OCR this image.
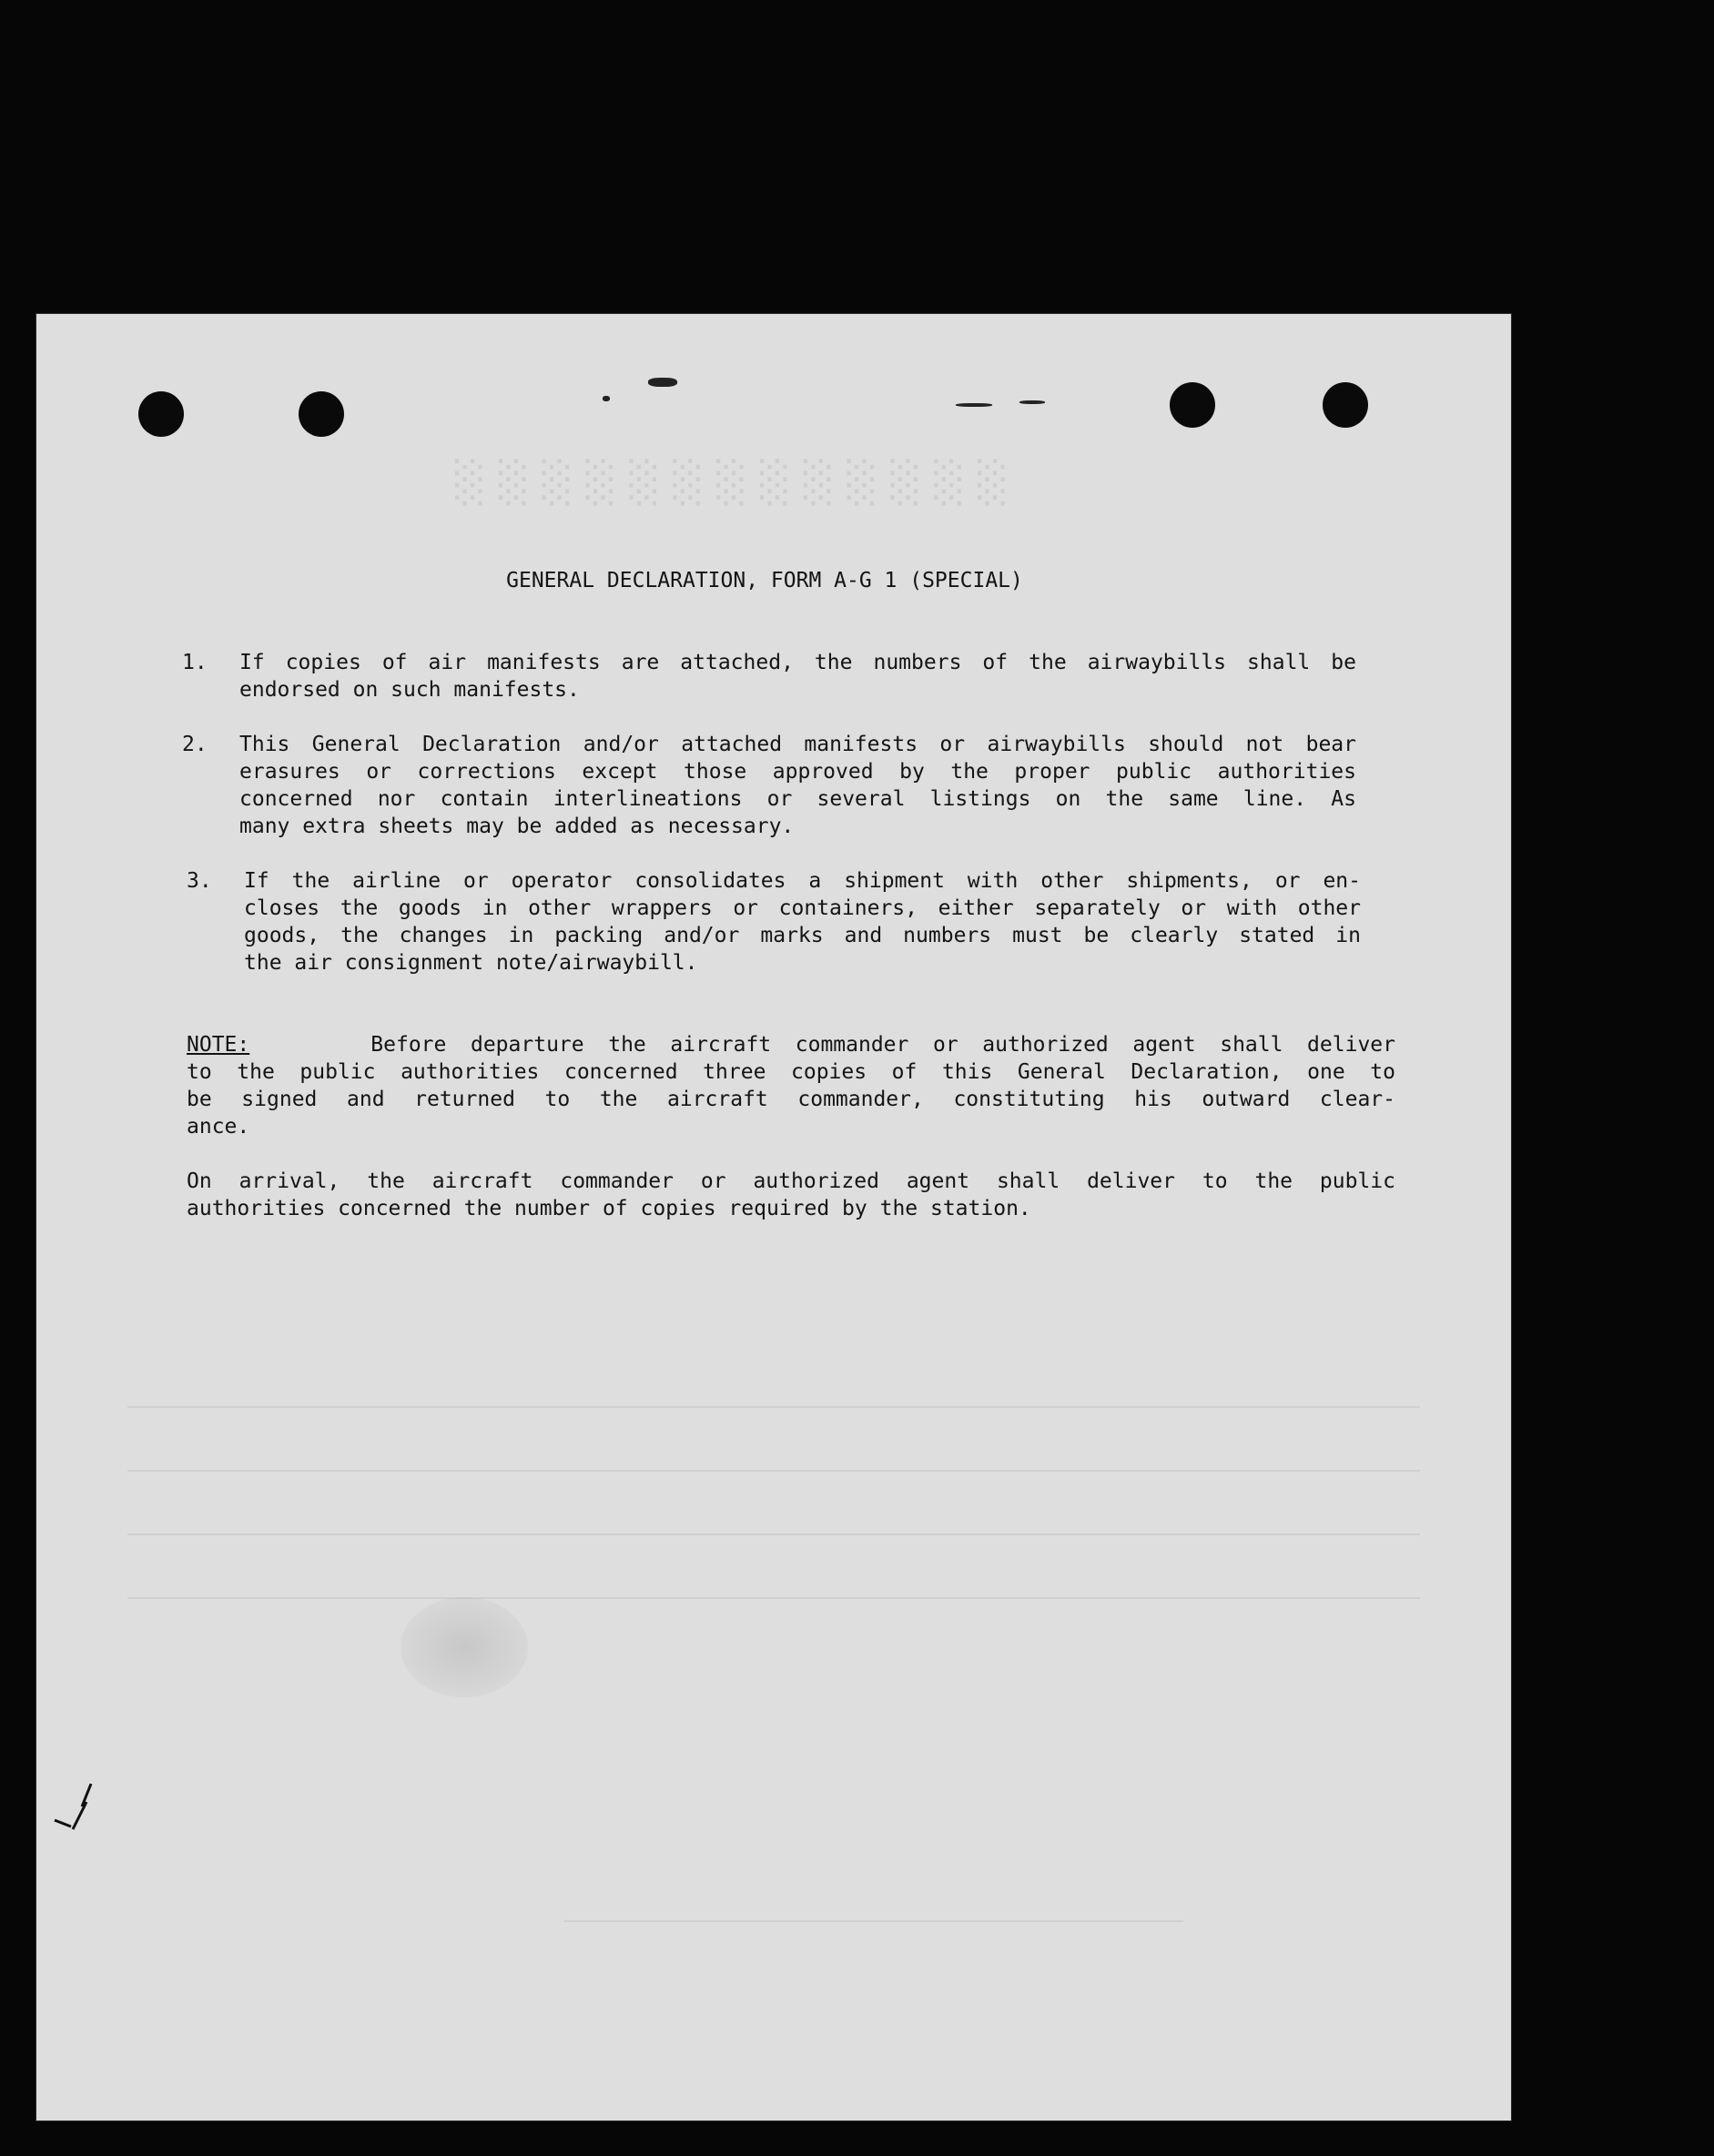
░░░░░░░░░░░░░
GENERAL DECLARATION, FORM A-G 1 (SPECIAL)
1. If copies of air manifests are attached, the numbers of the airwaybills shall be
endorsed on such manifests.
2. This General Declaration and/or attached manifests or airwaybills should not bear
erasures or corrections except those approved by the proper public authorities
concerned nor contain interlineations or several listings on the same line. As
many extra sheets may be added as necessary.
3. If the airline or operator consolidates a shipment with other shipments, or en-
closes the goods in other wrappers or containers, either separately or with other
goods, the changes in packing and/or marks and numbers must be clearly stated in
the air consignment note/airwaybill.
NOTE:	Before departure the aircraft commander or authorized agent shall deliver
to the public authorities concerned three copies of this General Declaration, one to
be signed and returned to the aircraft commander, constituting his outward clear-
ance.
On arrival, the aircraft commander or authorized agent shall deliver to the public
authorities concerned the number of copies required by the station.
